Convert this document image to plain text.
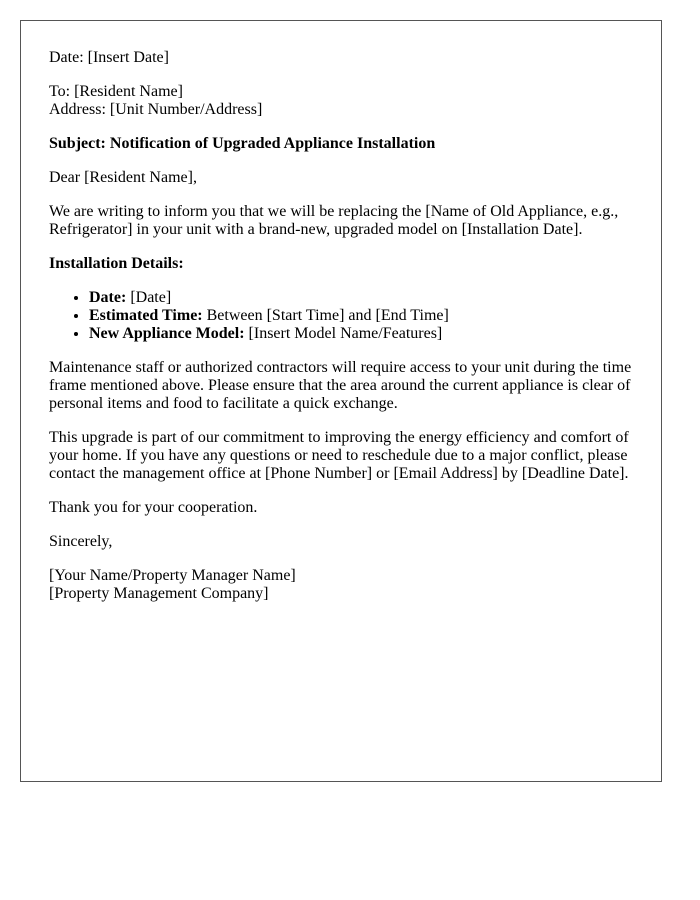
Date: [Insert Date]

To: [Resident Name]
Address: [Unit Number/Address]

Subject: Notification of Upgraded Appliance Installation

Dear [Resident Name],

We are writing to inform you that we will be replacing the [Name of Old Appliance, e.g., Refrigerator] in your unit with a brand-new, upgraded model on [Installation Date].

Installation Details:

• Date: [Date]
• Estimated Time: Between [Start Time] and [End Time]
• New Appliance Model: [Insert Model Name/Features]

Maintenance staff or authorized contractors will require access to your unit during the time frame mentioned above. Please ensure that the area around the current appliance is clear of personal items and food to facilitate a quick exchange.

This upgrade is part of our commitment to improving the energy efficiency and comfort of your home. If you have any questions or need to reschedule due to a major conflict, please contact the management office at [Phone Number] or [Email Address] by [Deadline Date].

Thank you for your cooperation.

Sincerely,

[Your Name/Property Manager Name]
[Property Management Company]
